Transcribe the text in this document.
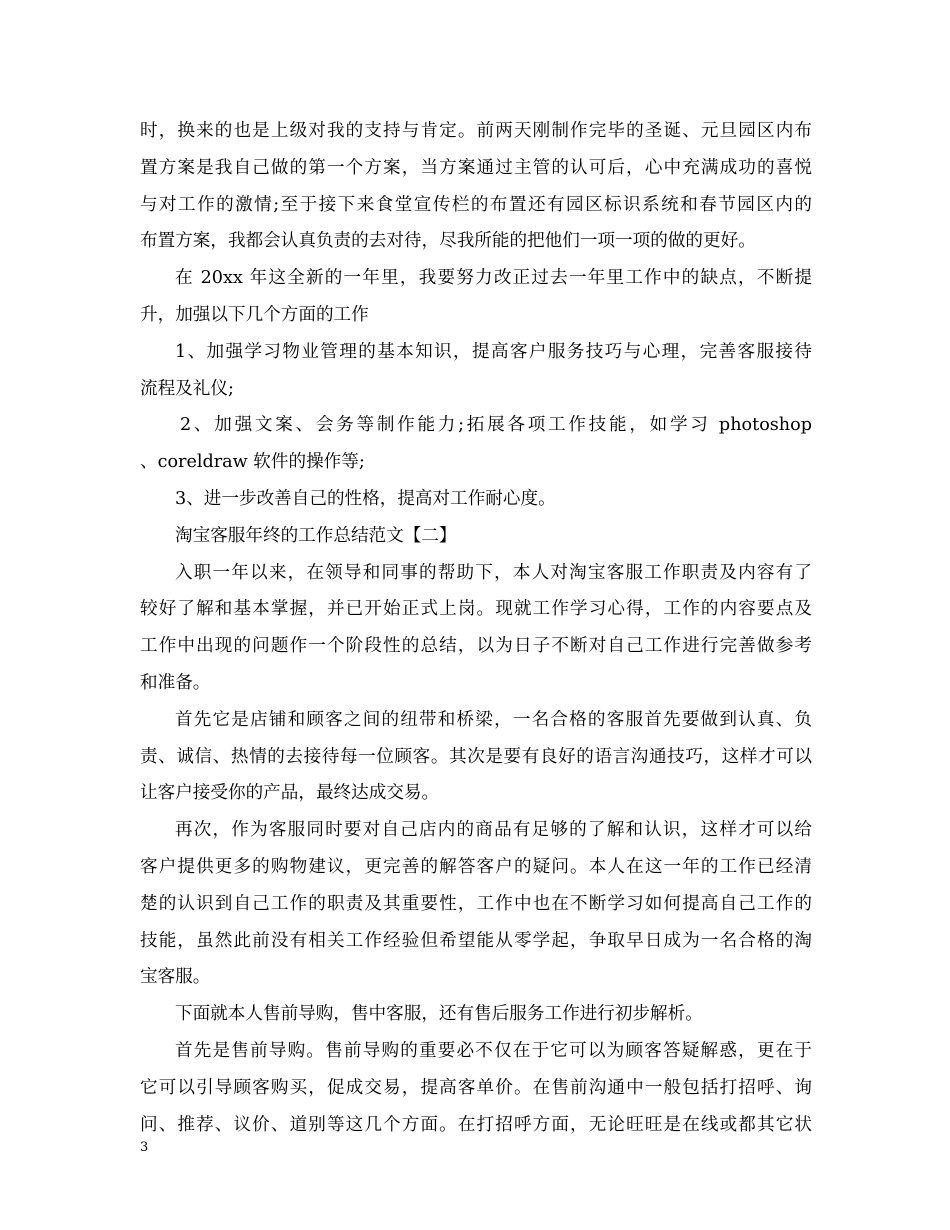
时，换来的也是上级对我的支持与肯定。前两天刚制作完毕的圣诞、元旦园区内布
置方案是我自己做的第一个方案，当方案通过主管的认可后，心中充满成功的喜悦
与对工作的激情;至于接下来食堂宣传栏的布置还有园区标识系统和春节园区内的
布置方案，我都会认真负责的去对待，尽我所能的把他们一项一项的做的更好。
在 20xx 年这全新的一年里，我要努力改正过去一年里工作中的缺点，不断提
升，加强以下几个方面的工作
1、加强学习物业管理的基本知识，提高客户服务技巧与心理，完善客服接待
流程及礼仪;
2、加强文案、会务等制作能力;拓展各项工作技能，如学习 photoshop
、coreldraw 软件的操作等;
3、进一步改善自己的性格，提高对工作耐心度。
淘宝客服年终的工作总结范文【二】
入职一年以来，在领导和同事的帮助下，本人对淘宝客服工作职责及内容有了
较好了解和基本掌握，并已开始正式上岗。现就工作学习心得，工作的内容要点及
工作中出现的问题作一个阶段性的总结，以为日子不断对自己工作进行完善做参考
和准备。
首先它是店铺和顾客之间的纽带和桥梁，一名合格的客服首先要做到认真、负
责、诚信、热情的去接待每一位顾客。其次是要有良好的语言沟通技巧，这样才可以
让客户接受你的产品，最终达成交易。
再次，作为客服同时要对自己店内的商品有足够的了解和认识，这样才可以给
客户提供更多的购物建议，更完善的解答客户的疑问。本人在这一年的工作已经清
楚的认识到自己工作的职责及其重要性，工作中也在不断学习如何提高自己工作的
技能，虽然此前没有相关工作经验但希望能从零学起，争取早日成为一名合格的淘
宝客服。
下面就本人售前导购，售中客服，还有售后服务工作进行初步解析。
首先是售前导购。售前导购的重要必不仅在于它可以为顾客答疑解惑，更在于
它可以引导顾客购买，促成交易，提高客单价。在售前沟通中一般包括打招呼、询
问、推荐、议价、道别等这几个方面。在打招呼方面，无论旺旺是在线或都其它状
3
